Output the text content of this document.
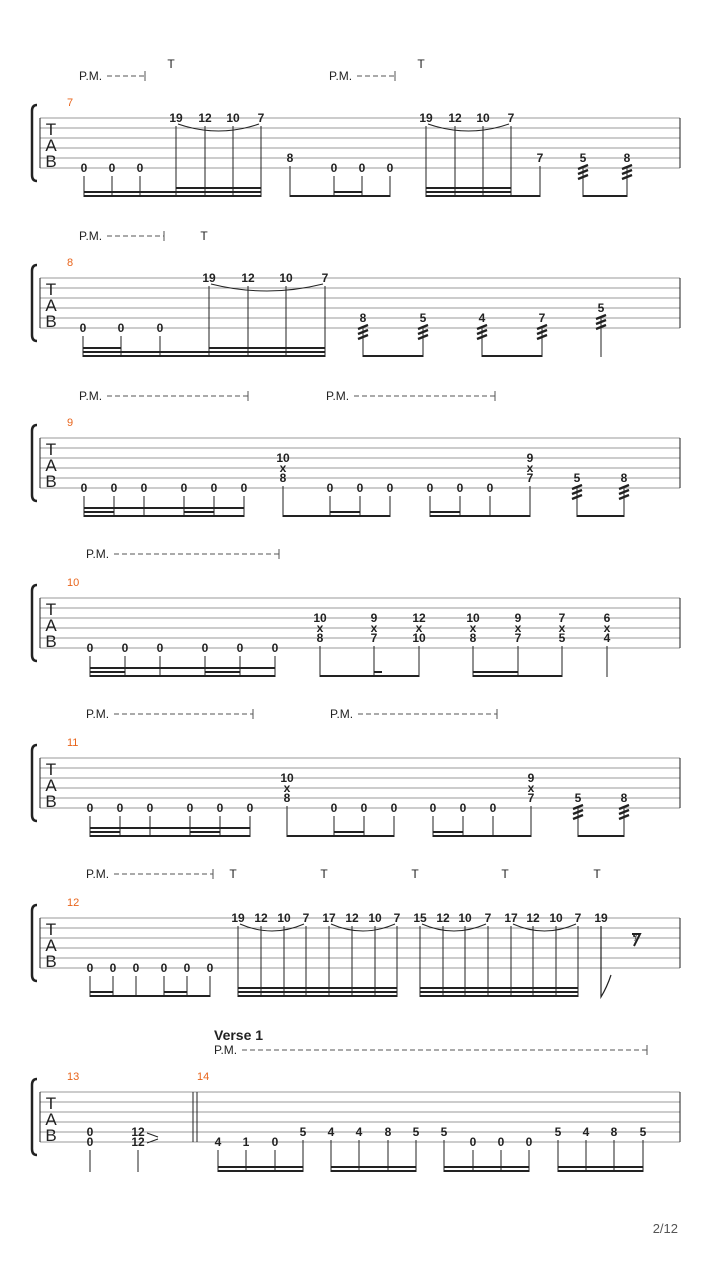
T
A
B
7
P.M.
T
P.M.
T
0 0 0
19 12 10 7
8
0 0 0
19 12 10 7
7	5	8
T
A
B
8
P.M.	T
0	0	0
19 12 10 7
8	5	4	7
5
T
A
B
9
P.M.	P.M.
0 0 0	0 0 0
10
x
8
0 0 0	0 0 0
9
x
7	5	8
T
A
B
10
P.M.
0 0 0	0 0 0
10
x
8
9
x
7
12
x
10
10
x
8
9
x
7
7
x
5
6
x
4
T
A
B
11
P.M.	P.M.
0 0 0	0 0 0
10
x
8
0 0 0	0 0 0
9
x
7	5	8
T
A
B
12
P.M.	T	T	T	T	T
0 0 0 0 0 0
19 12 10 7 17 12 10 7 15 12 10 7 17 12 10 7 19
𝄾
T
A
B
13	14
Verse 1
P.M.
0
0
12
12	4 1 0
5 4 4 8 5 5
0 0 0
5 4 8 5
2/12
